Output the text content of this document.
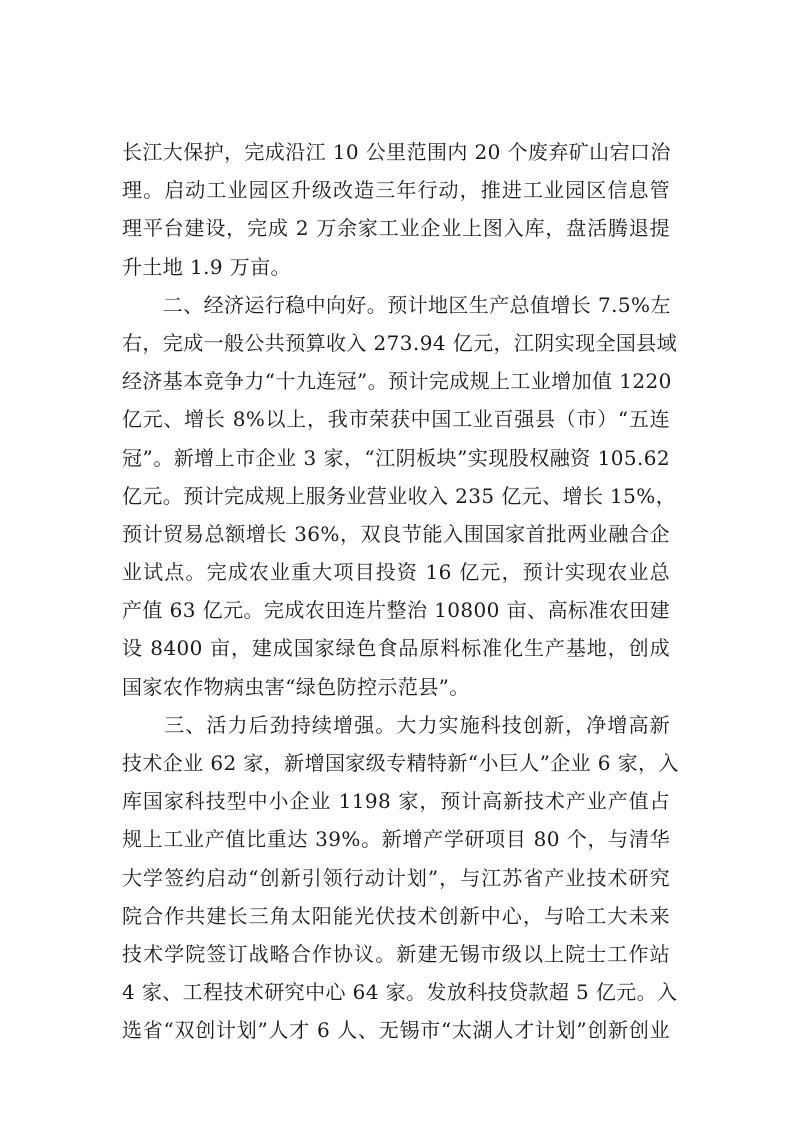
长江大保护，完成沿江 10 公里范围内 20 个废弃矿山宕口治
理。启动工业园区升级改造三年行动，推进工业园区信息管
理平台建设，完成 2 万余家工业企业上图入库，盘活腾退提
升土地 1.9 万亩。
　　二、经济运行稳中向好。预计地区生产总值增长 7.5%左
右，完成一般公共预算收入 273.94 亿元，江阴实现全国县域
经济基本竞争力“十九连冠”。预计完成规上工业增加值 1220
亿元、增长 8%以上，我市荣获中国工业百强县（市）“五连
冠”。新增上市企业 3 家，“江阴板块”实现股权融资 105.62
亿元。预计完成规上服务业营业收入 235 亿元、增长 15%，
预计贸易总额增长 36%，双良节能入围国家首批两业融合企
业试点。完成农业重大项目投资 16 亿元，预计实现农业总
产值 63 亿元。完成农田连片整治 10800 亩、高标准农田建
设 8400 亩，建成国家绿色食品原料标准化生产基地，创成
国家农作物病虫害“绿色防控示范县”。
　　三、活力后劲持续增强。大力实施科技创新，净增高新
技术企业 62 家，新增国家级专精特新“小巨人”企业 6 家，入
库国家科技型中小企业 1198 家，预计高新技术产业产值占
规上工业产值比重达 39%。新增产学研项目 80 个，与清华
大学签约启动“创新引领行动计划”，与江苏省产业技术研究
院合作共建长三角太阳能光伏技术创新中心，与哈工大未来
技术学院签订战略合作协议。新建无锡市级以上院士工作站
4 家、工程技术研究中心 64 家。发放科技贷款超 5 亿元。入
选省“双创计划”人才 6 人、无锡市“太湖人才计划”创新创业
